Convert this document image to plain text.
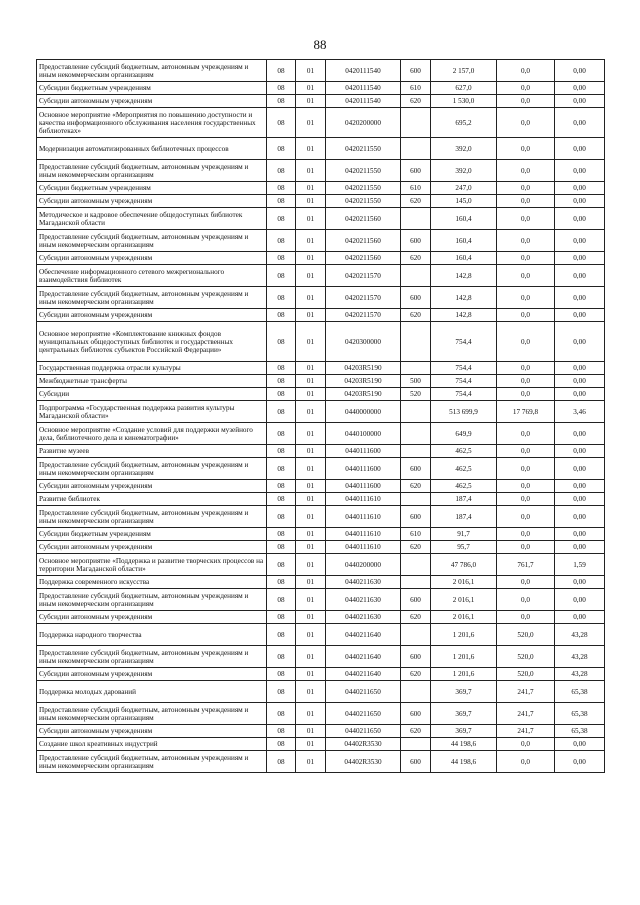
88
Предоставление субсидий бюджетным, автономным учреждениям и иным некоммерческим организациям	08	01	0420111540	600	2 157,0	0,0	0,00
Субсидии бюджетным учреждениям	08	01	0420111540	610	627,0	0,0	0,00
Субсидии автономным учреждениям	08	01	0420111540	620	1 530,0	0,0	0,00
Основное мероприятие «Мероприятия по повышению доступности и качества информационного обслуживания населения государственных библиотеках»	08	01	0420200000		695,2	0,0	0,00
Модернизация автоматизированных библиотечных процессов	08	01	0420211550		392,0	0,0	0,00
Предоставление субсидий бюджетным, автономным учреждениям и иным некоммерческим организациям	08	01	0420211550	600	392,0	0,0	0,00
Субсидии бюджетным учреждениям	08	01	0420211550	610	247,0	0,0	0,00
Субсидии автономным учреждениям	08	01	0420211550	620	145,0	0,0	0,00
Методическое и кадровое обеспечение общедоступных библиотек Магаданской области	08	01	0420211560		160,4	0,0	0,00
Предоставление субсидий бюджетным, автономным учреждениям и иным некоммерческим организациям	08	01	0420211560	600	160,4	0,0	0,00
Субсидии автономным учреждениям	08	01	0420211560	620	160,4	0,0	0,00
Обеспечение информационного сетевого межрегионального взаимодействия библиотек	08	01	0420211570		142,8	0,0	0,00
Предоставление субсидий бюджетным, автономным учреждениям и иным некоммерческим организациям	08	01	0420211570	600	142,8	0,0	0,00
Субсидии автономным учреждениям	08	01	0420211570	620	142,8	0,0	0,00
Основное мероприятие «Комплектование книжных фондов муниципальных общедоступных библиотек и государственных центральных библиотек субъектов Российской Федерации»	08	01	0420300000		754,4	0,0	0,00
Государственная поддержка отрасли культуры	08	01	04203R5190		754,4	0,0	0,00
Межбюджетные трансферты	08	01	04203R5190	500	754,4	0,0	0,00
Субсидии	08	01	04203R5190	520	754,4	0,0	0,00
Подпрограмма «Государственная поддержка развития культуры Магаданской области»	08	01	0440000000		513 699,9	17 769,8	3,46
Основное мероприятие «Создание условий для поддержки музейного дела, библиотечного дела и кинематографии»	08	01	0440100000		649,9	0,0	0,00
Развитие музеев	08	01	0440111600		462,5	0,0	0,00
Предоставление субсидий бюджетным, автономным учреждениям и иным некоммерческим организациям	08	01	0440111600	600	462,5	0,0	0,00
Субсидии автономным учреждениям	08	01	0440111600	620	462,5	0,0	0,00
Развитие библиотек	08	01	0440111610		187,4	0,0	0,00
Предоставление субсидий бюджетным, автономным учреждениям и иным некоммерческим организациям	08	01	0440111610	600	187,4	0,0	0,00
Субсидии бюджетным учреждениям	08	01	0440111610	610	91,7	0,0	0,00
Субсидии автономным учреждениям	08	01	0440111610	620	95,7	0,0	0,00
Основное мероприятие «Поддержка и развитие творческих процессов на территории Магаданской области»	08	01	0440200000		47 786,0	761,7	1,59
Поддержка современного искусства	08	01	0440211630		2 016,1	0,0	0,00
Предоставление субсидий бюджетным, автономным учреждениям и иным некоммерческим организациям	08	01	0440211630	600	2 016,1	0,0	0,00
Субсидии автономным учреждениям	08	01	0440211630	620	2 016,1	0,0	0,00
Поддержка народного творчества	08	01	0440211640		1 201,6	520,0	43,28
Предоставление субсидий бюджетным, автономным учреждениям и иным некоммерческим организациям	08	01	0440211640	600	1 201,6	520,0	43,28
Субсидии автономным учреждениям	08	01	0440211640	620	1 201,6	520,0	43,28
Поддержка молодых дарований	08	01	0440211650		369,7	241,7	65,38
Предоставление субсидий бюджетным, автономным учреждениям и иным некоммерческим организациям	08	01	0440211650	600	369,7	241,7	65,38
Субсидии автономным учреждениям	08	01	0440211650	620	369,7	241,7	65,38
Создание школ креативных индустрий	08	01	04402R3530		44 198,6	0,0	0,00
Предоставление субсидий бюджетным, автономным учреждениям и иным некоммерческим организациям	08	01	04402R3530	600	44 198,6	0,0	0,00
